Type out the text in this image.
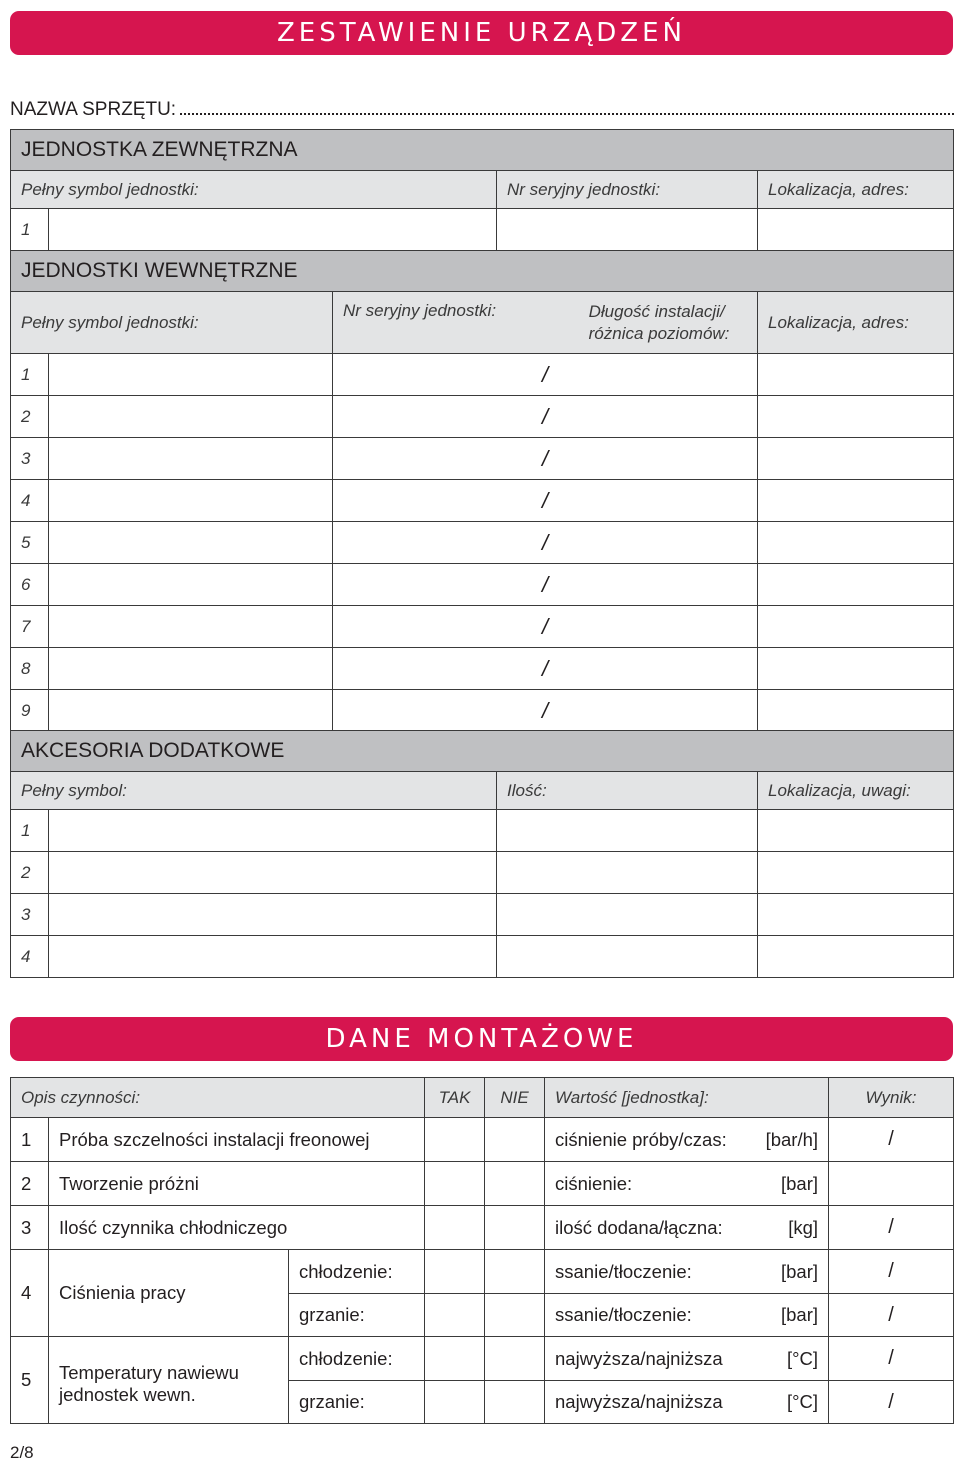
ZESTAWIENIE URZĄDZEŃ
NAZWA SPRZĘTU:
JEDNOSTKA ZEWNĘTRZNA				
Pełny symbol jednostki:			Nr seryjny jednostki:	Lokalizacja, adres:
1				
JEDNOSTKI WEWNĘTRZNE				
Pełny symbol jednostki:		Nr seryjny jednostki: Długość instalacji/ różnica poziomów:		Lokalizacja, adres:
1		/	
2		/	
3		/	
4		/	
5		/	
6		/	
7		/	
8		/	
9		/	
AKCESORIA DODATKOWE			
Pełny symbol:		Ilość:	Lokalizacja, uwagi:
1			
2			
3			
4			
DANE MONTAŻOWE
Opis czynności:			TAK	NIE	Wartość [jednostka]:	Wynik:
1	Próba szczelności instalacji freonowej				ciśnienie próby/czas: [bar/h]	/
2	Tworzenie próżni				ciśnienie: [bar]	

3	Ilość czynnika chłodniczego				ilość dodana/łączna: [kg]	/
4	Ciśnienia pracy	chłodzenie:			ssanie/tłoczenie: [bar]	/
		grzanie:			ssanie/tłoczenie: [bar]	/
5	Temperatury nawiewu jednostek wewn.	chłodzenie:			najwyższa/najniższa [°C]	/
		grzanie:			najwyższa/najniższa [°C]	/
2/8
